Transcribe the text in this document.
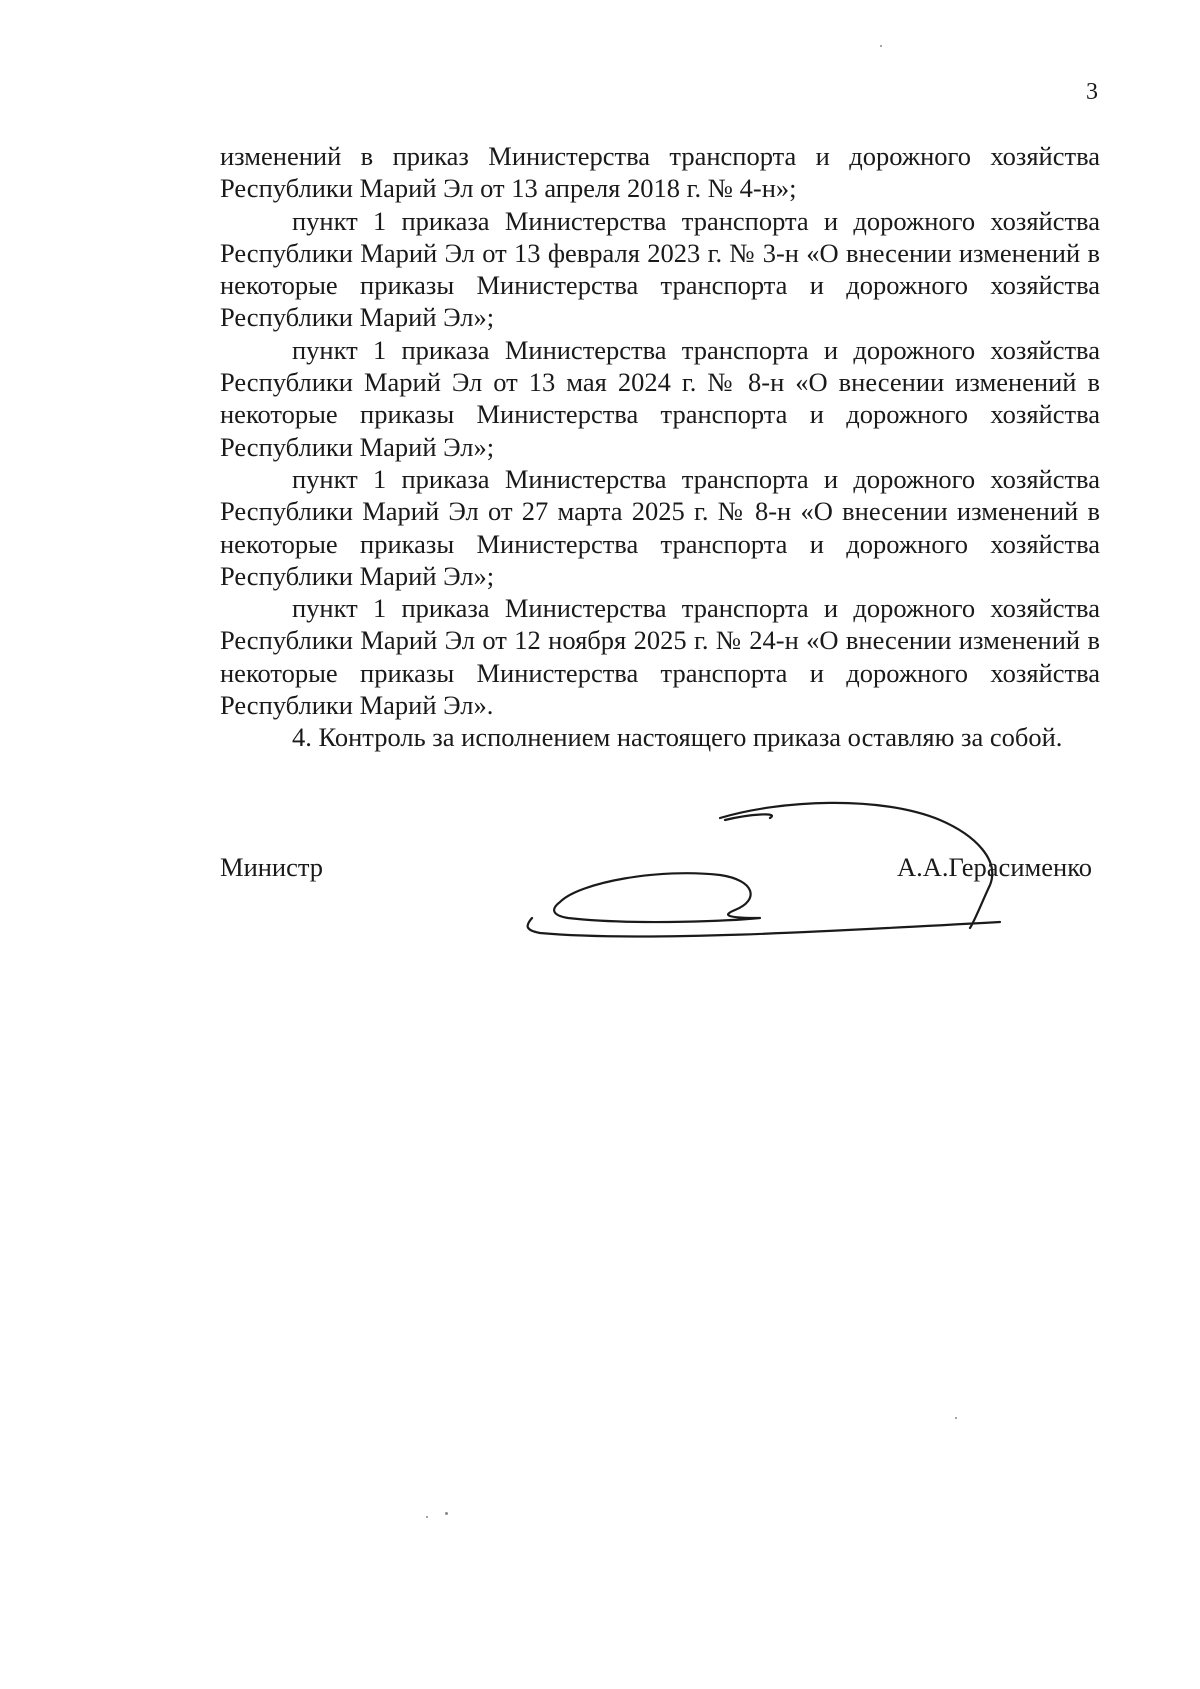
3

изменений в приказ Министерства транспорта и дорожного хозяйства Республики Марий Эл от 13 апреля 2018 г. № 4-н»;

пункт 1 приказа Министерства транспорта и дорожного хозяйства Республики Марий Эл от 13 февраля 2023 г. № 3-н «О внесении изменений в некоторые приказы Министерства транспорта и дорожного хозяйства Республики Марий Эл»;

пункт 1 приказа Министерства транспорта и дорожного хозяйства Республики Марий Эл от 13 мая 2024 г. № 8-н «О внесении изменений в некоторые приказы Министерства транспорта и дорожного хозяйства Республики Марий Эл»;

пункт 1 приказа Министерства транспорта и дорожного хозяйства Республики Марий Эл от 27 марта 2025 г. № 8-н «О внесении изменений в некоторые приказы Министерства транспорта и дорожного хозяйства Республики Марий Эл»;

пункт 1 приказа Министерства транспорта и дорожного хозяйства Республики Марий Эл от 12 ноября 2025 г. № 24-н «О внесении изменений в некоторые приказы Министерства транспорта и дорожного хозяйства Республики Марий Эл».

4. Контроль за исполнением настоящего приказа оставляю за собой.

Министр	А.А.Герасименко
